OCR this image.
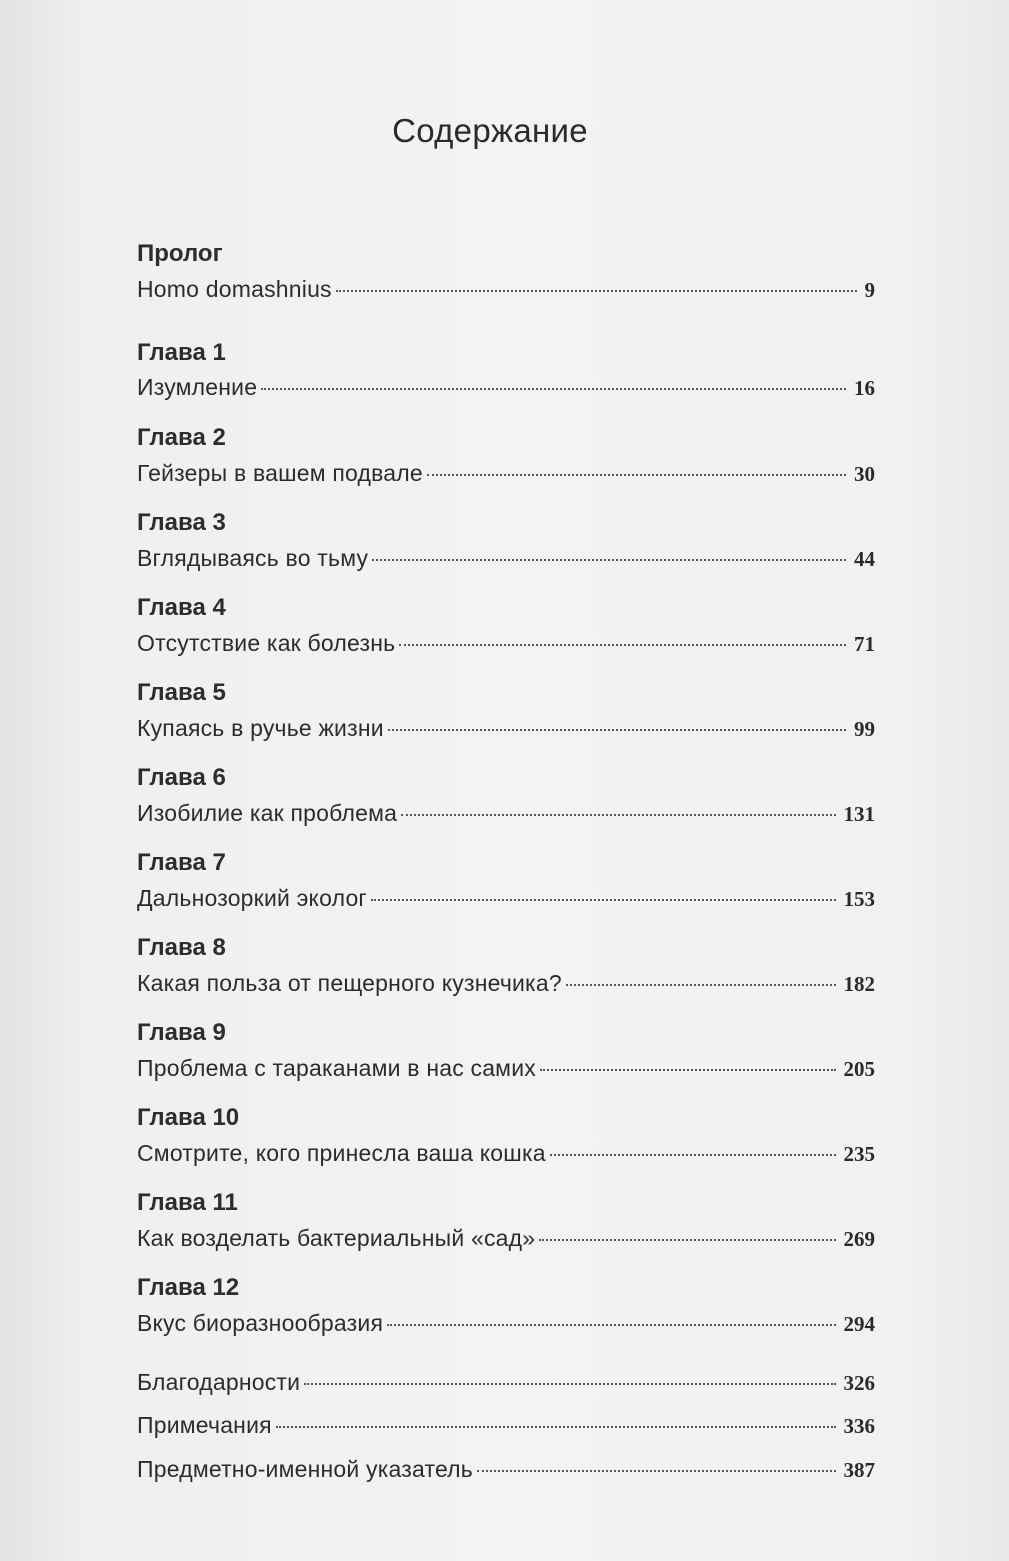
Содержание
Пролог
Homo domashnius	9
Глава 1
Изумление	16
Глава 2
Гейзеры в вашем подвале	30
Глава 3
Вглядываясь во тьму	44
Глава 4
Отсутствие как болезнь	71
Глава 5
Купаясь в ручье жизни	99
Глава 6
Изобилие как проблема	131
Глава 7
Дальнозоркий эколог	153
Глава 8
Какая польза от пещерного кузнечика?	182
Глава 9
Проблема с тараканами в нас самих	205
Глава 10
Смотрите, кого принесла ваша кошка	235
Глава 11
Как возделать бактериальный «сад»	269
Глава 12
Вкус биоразнообразия	294
Благодарности	326
Примечания	336
Предметно-именной указатель	387
